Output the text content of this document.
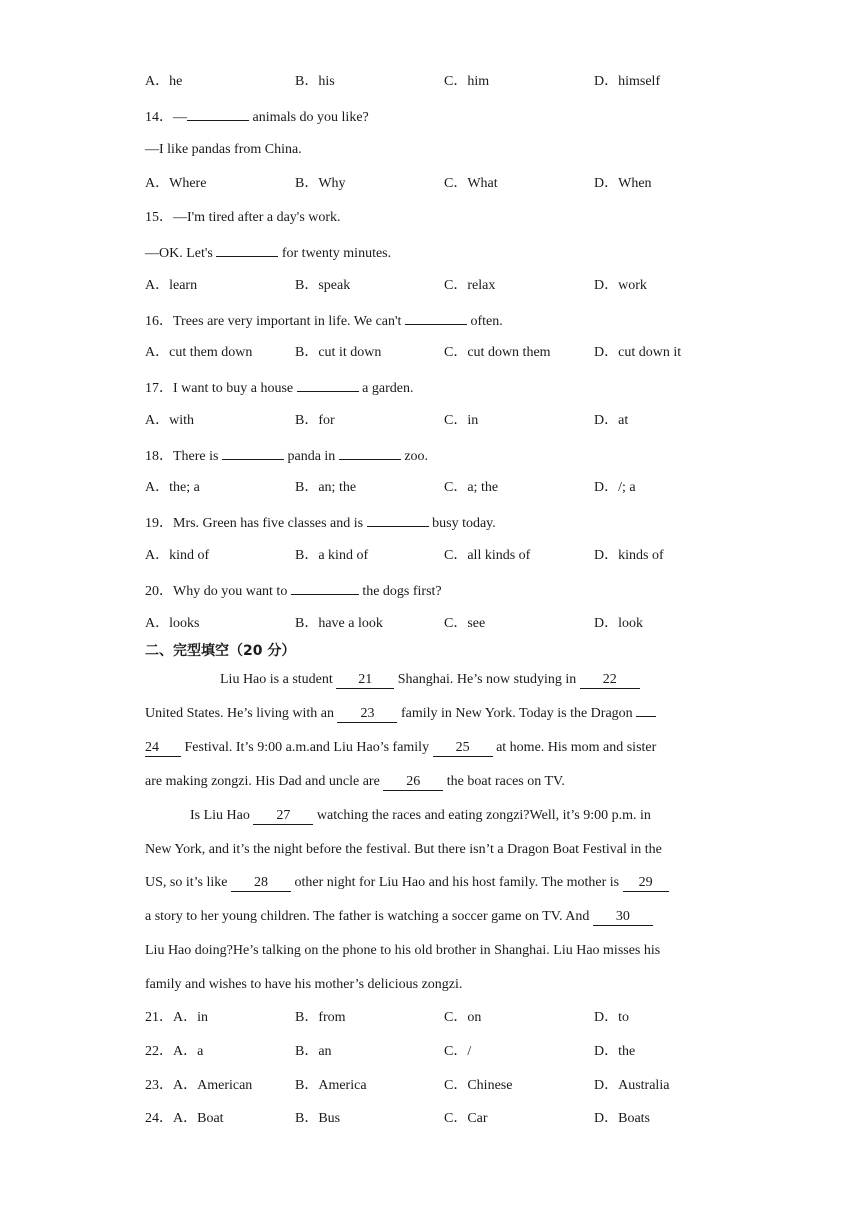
A．he	B．his	C．him	D．himself
14．—	animals do you like?
—I like pandas from China.
A．Where	B．Why	C．What	D．When
15．—I'm tired after a day's work.
—OK. Let's	for twenty minutes.
A．learn	B．speak	C．relax	D．work
16．Trees are very important in life. We can't	often.
A．cut them down	B．cut it down	C．cut down them	D．cut down it
17．I want to buy a house	a garden.
A．with	B．for	C．in	D．at
18．There is	panda in	zoo.
A．the; a	B．an; the	C．a; the	D．/; a
19．Mrs. Green has five classes and is	busy today.
A．kind of	B．a kind of	C．all kinds of	D．kinds of
20．Why do you want to	the dogs first?
A．looks	B．have a look	C．see	D．look
二、完型填空（20 分）
Liu Hao is a student 21 Shanghai. He’s now studying in 22
United States. He’s living with an 23 family in New York. Today is the Dragon
24 Festival. It’s 9:00 a.m.and Liu Hao’s family 25 at home. His mom and sister
are making zongzi. His Dad and uncle are 26 the boat races on TV.
Is Liu Hao 27 watching the races and eating zongzi?Well, it’s 9:00 p.m. in
New York, and it’s the night before the festival. But there isn’t a Dragon Boat Festival in the
US, so it’s like 28 other night for Liu Hao and his host family. The mother is 29
a story to her young children. The father is watching a soccer game on TV. And 30
Liu Hao doing?He’s talking on the phone to his old brother in Shanghai. Liu Hao misses his
family and wishes to have his mother’s delicious zongzi.
21．A．in	B．from	C．on	D．to
22．A．a	B．an	C．/	D．the
23．A．American	B．America	C．Chinese	D．Australia
24．A．Boat	B．Bus	C．Car	D．Boats
